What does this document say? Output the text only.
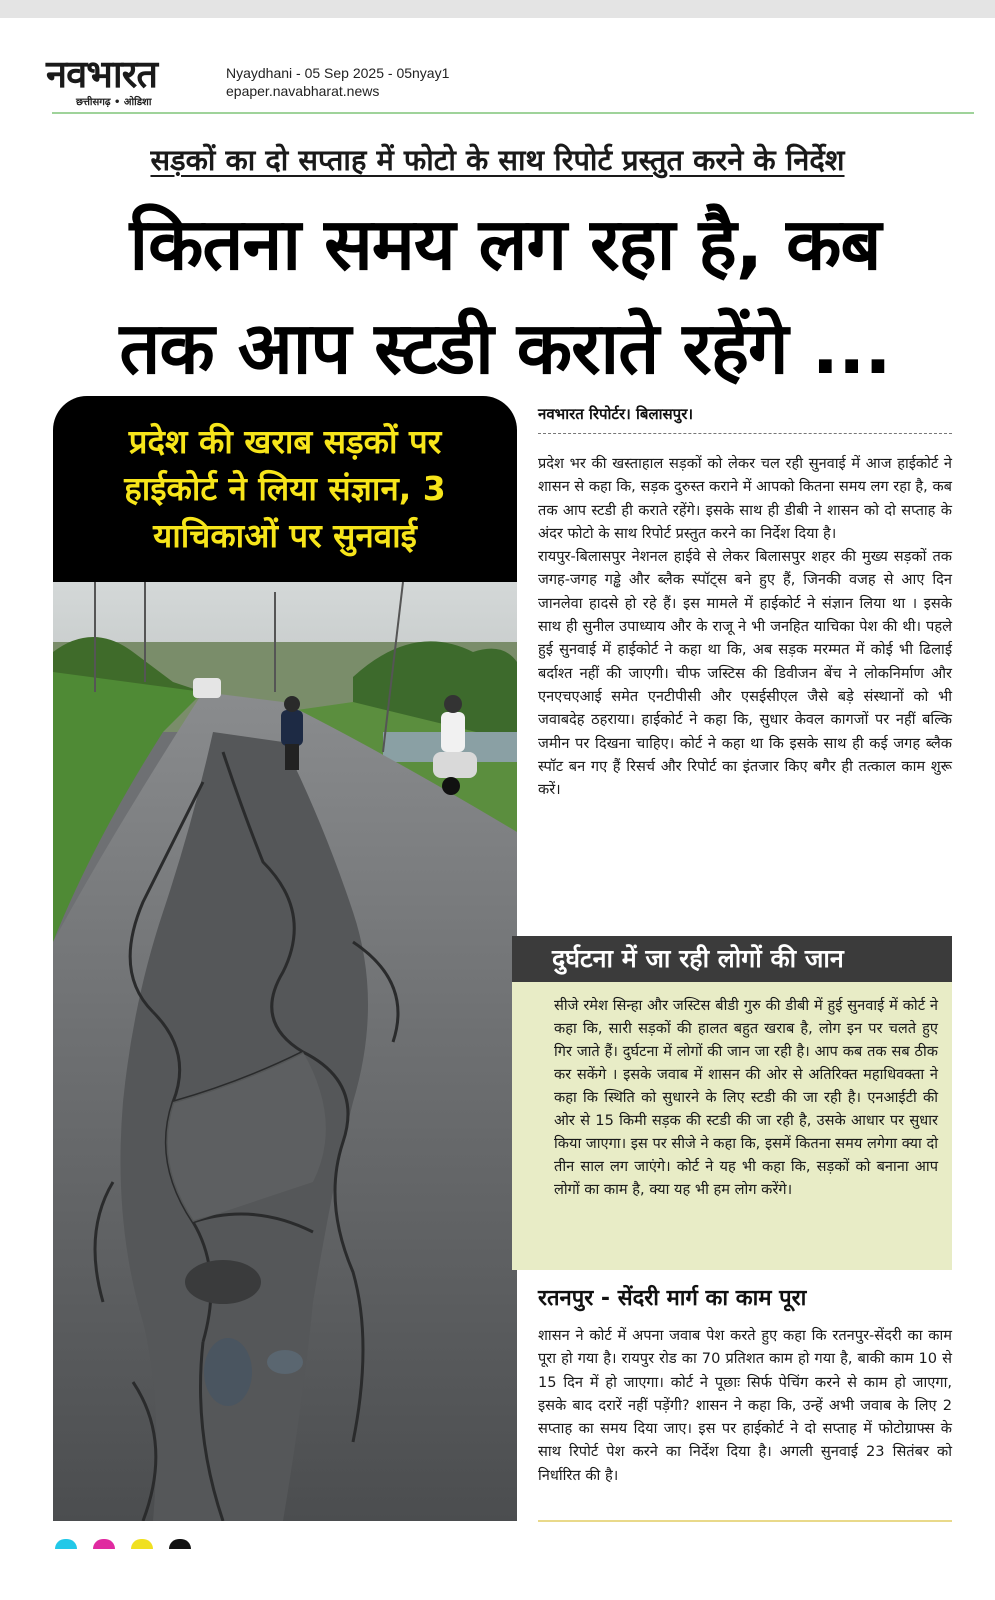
नवभारत
छत्तीसगढ़ • ओडिशा
Nyaydhani - 05 Sep 2025 - 05nyay1
epaper.navabharat.news
सड़कों का दो सप्ताह में फोटो के साथ रिपोर्ट प्रस्तुत करने के निर्देश
कितना समय लग रहा है, कब
तक आप स्टडी कराते रहेंगे ...
प्रदेश की खराब सड़कों पर
हाईकोर्ट ने लिया संज्ञान, 3
याचिकाओं पर सुनवाई
नवभारत रिपोर्टर। बिलासपुर।

प्रदेश भर की खस्ताहाल सड़कों को लेकर चल रही सुनवाई में आज हाईकोर्ट ने शासन से कहा कि, सड़क दुरुस्त कराने में आपको कितना समय लग रहा है, कब तक आप स्टडी ही कराते रहेंगे। इसके साथ ही डीबी ने शासन को दो सप्ताह के अंदर फोटो के साथ रिपोर्ट प्रस्तुत करने का निर्देश दिया है।

रायपुर-बिलासपुर नेशनल हाईवे से लेकर बिलासपुर शहर की मुख्य सड़कों तक जगह-जगह गड्ढे और ब्लैक स्पॉट्स बने हुए हैं, जिनकी वजह से आए दिन जानलेवा हादसे हो रहे हैं। इस मामले में हाईकोर्ट ने संज्ञान लिया था । इसके साथ ही सुनील उपाध्याय और के राजू ने भी जनहित याचिका पेश की थी। पहले हुई सुनवाई में हाईकोर्ट ने कहा था कि, अब सड़क मरम्मत में कोई भी ढिलाई बर्दाश्त नहीं की जाएगी। चीफ जस्टिस की डिवीजन बेंच ने लोकनिर्माण और एनएचएआई समेत एनटीपीसी और एसईसीएल जैसे बड़े संस्थानों को भी जवाबदेह ठहराया। हाईकोर्ट ने कहा कि, सुधार केवल कागजों पर नहीं बल्कि जमीन पर दिखना चाहिए। कोर्ट ने कहा था कि इसके साथ ही कई जगह ब्लैक स्पॉट बन गए हैं रिसर्च और रिपोर्ट का इंतजार किए बगैर ही तत्काल काम शुरू करें।

दुर्घटना में जा रही लोगों की जान

सीजे रमेश सिन्हा और जस्टिस बीडी गुरु की डीबी में हुई सुनवाई में कोर्ट ने कहा कि, सारी सड़कों की हालत बहुत खराब है, लोग इन पर चलते हुए गिर जाते हैं। दुर्घटना में लोगों की जान जा रही है। आप कब तक सब ठीक कर सकेंगे । इसके जवाब में शासन की ओर से अतिरिक्त महाधिवक्ता ने कहा कि स्थिति को सुधारने के लिए स्टडी की जा रही है। एनआईटी की ओर से 15 किमी सड़क की स्टडी की जा रही है, उसके आधार पर सुधार किया जाएगा। इस पर सीजे ने कहा कि, इसमें कितना समय लगेगा क्या दो तीन साल लग जाएंगे। कोर्ट ने यह भी कहा कि, सड़कों को बनाना आप लोगों का काम है, क्या यह भी हम लोग करेंगे।

रतनपुर - सेंदरी मार्ग का काम पूरा

शासन ने कोर्ट में अपना जवाब पेश करते हुए कहा कि रतनपुर-सेंदरी का काम पूरा हो गया है। रायपुर रोड का 70 प्रतिशत काम हो गया है, बाकी काम 10 से 15 दिन में हो जाएगा। कोर्ट ने पूछाः सिर्फ पेचिंग करने से काम हो जाएगा, इसके बाद दरारें नहीं पड़ेंगी? शासन ने कहा कि, उन्हें अभी जवाब के लिए 2 सप्ताह का समय दिया जाए। इस पर हाईकोर्ट ने दो सप्ताह में फोटोग्राफ्स के साथ रिपोर्ट पेश करने का निर्देश दिया है। अगली सुनवाई 23 सितंबर को निर्धारित की है।
